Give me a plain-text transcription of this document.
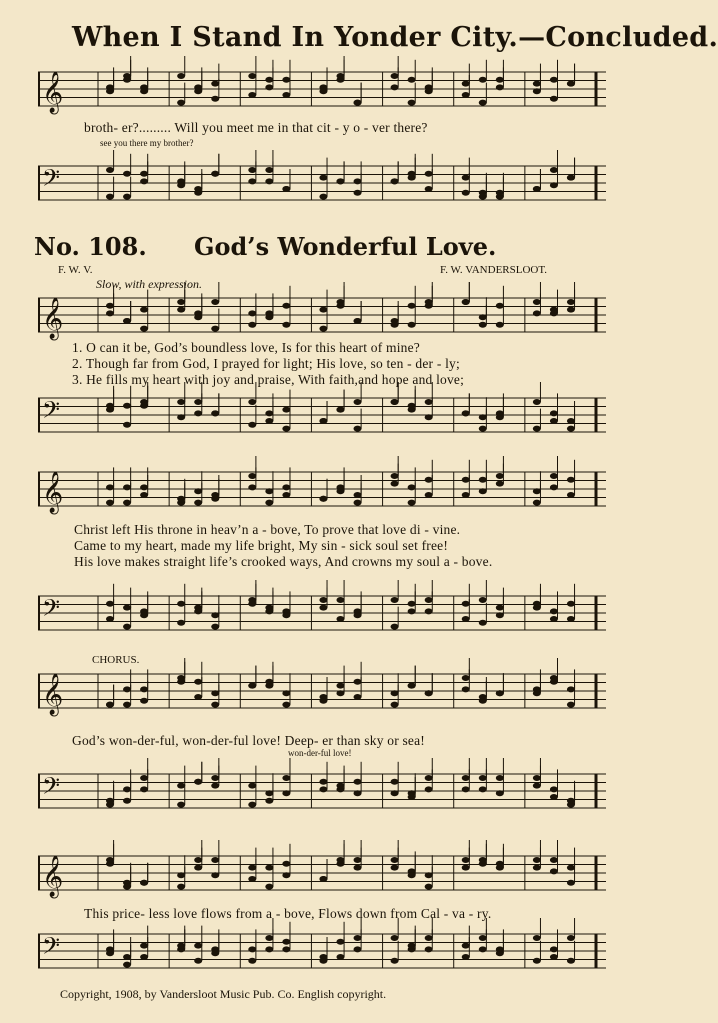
When I Stand In Yonder City.—Concluded.
𝄞
broth- er?......... Will you meet me in that cit - y o - ver there?
see you there my brother?
𝄢
No. 108. God’s Wonderful Love.
F. W. V.	F. W. VANDERSLOOT.
Slow, with expression.
𝄞
1. O can it be, God’s boundless love, Is for this heart of mine?
2. Though far from God, I prayed for light; His love, so ten - der - ly;
3. He fills my heart with joy and praise, With faith,and hope and love;
𝄢
𝄞
Christ left His throne in heav’n a - bove, To prove that love di - vine.
Came to my heart, made my life bright, My sin - sick soul set free!
His love makes straight life’s crooked ways, And crowns my soul a - bove.
𝄢
CHORUS.
𝄞
God’s won-der-ful, won-der-ful love! Deep- er than sky or sea!
won-der-ful love!
𝄢
𝄞
This price- less love flows from a - bove, Flows down from Cal - va - ry.
𝄢
Copyright, 1908, by Vandersloot Music Pub. Co. English copyright.
